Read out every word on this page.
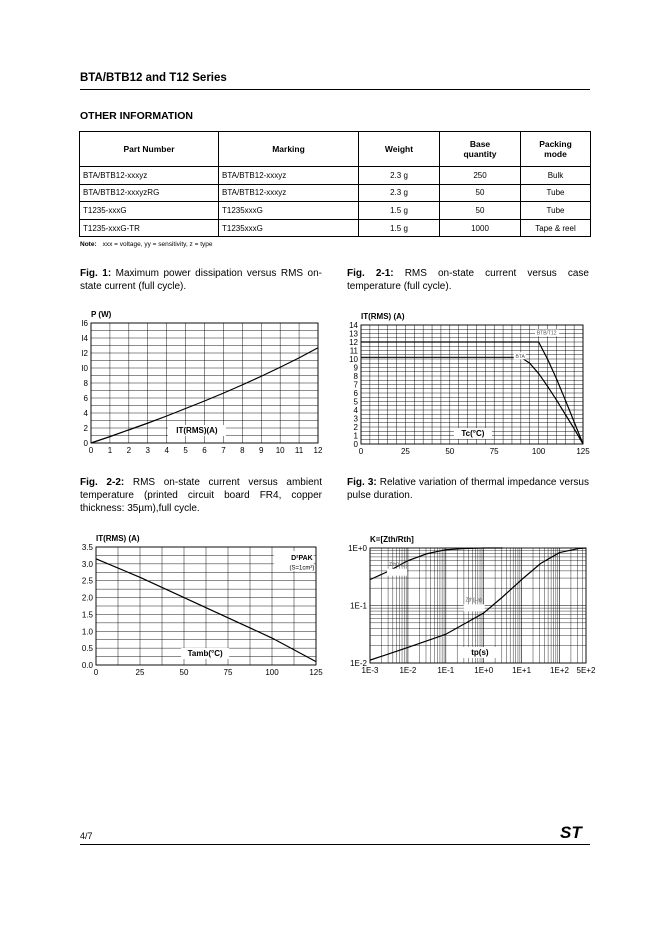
BTA/BTB12 and T12 Series
OTHER INFORMATION
Part Number	Marking	Weight	Base quantity	Packing mode
BTA/BTB12-xxxyz	BTA/BTB12-xxxyz	2.3 g	250	Bulk
BTA/BTB12-xxxyzRG	BTA/BTB12-xxxyz	2.3 g	50	Tube
T1235-xxxG	T1235xxxG	1.5 g	50	Tube
T1235-xxxG-TR	T1235xxxG	1.5 g	1000	Tape & reel
Note: xxx = voltage, yy = sensitivity, z = type
Fig. 1: Maximum power dissipation versus RMS on-state current (full cycle).
Fig. 2-1: RMS on-state current versus case temperature (full cycle).
Fig. 2-2: RMS on-state current versus ambient temperature (printed circuit board FR4, copper thickness: 35µm),full cycle.
Fig. 3: Relative variation of thermal impedance versus pulse duration.
0 1 2 3 4 5 6 7 8 9 10 11 12
0
2
4
6
8
I0
I2
I4
I6
P (W)
IT(RMS)(A)
0	25	50	75	100	125
0
1
2
3
4
5
6
7
8
9
10
11
12
13
14
IT(RMS) (A)
Tc(°C)
BTB/T12
BTA
0	25	50	75	100	125
0.0
0.5
1.0
1.5
2.0
2.5
3.0
3.5
IT(RMS) (A)
Tamb(°C)
D²PAK
(S=1cm²)
1E-3	1E-2	1E-1 1E+0 1E+1 1E+2 5E+2
1E-2
1E-1
1E+0
K=[Zth/Rth]
tp(s)
Zth(j-c)
Zth(j-a)
4/7	ST
